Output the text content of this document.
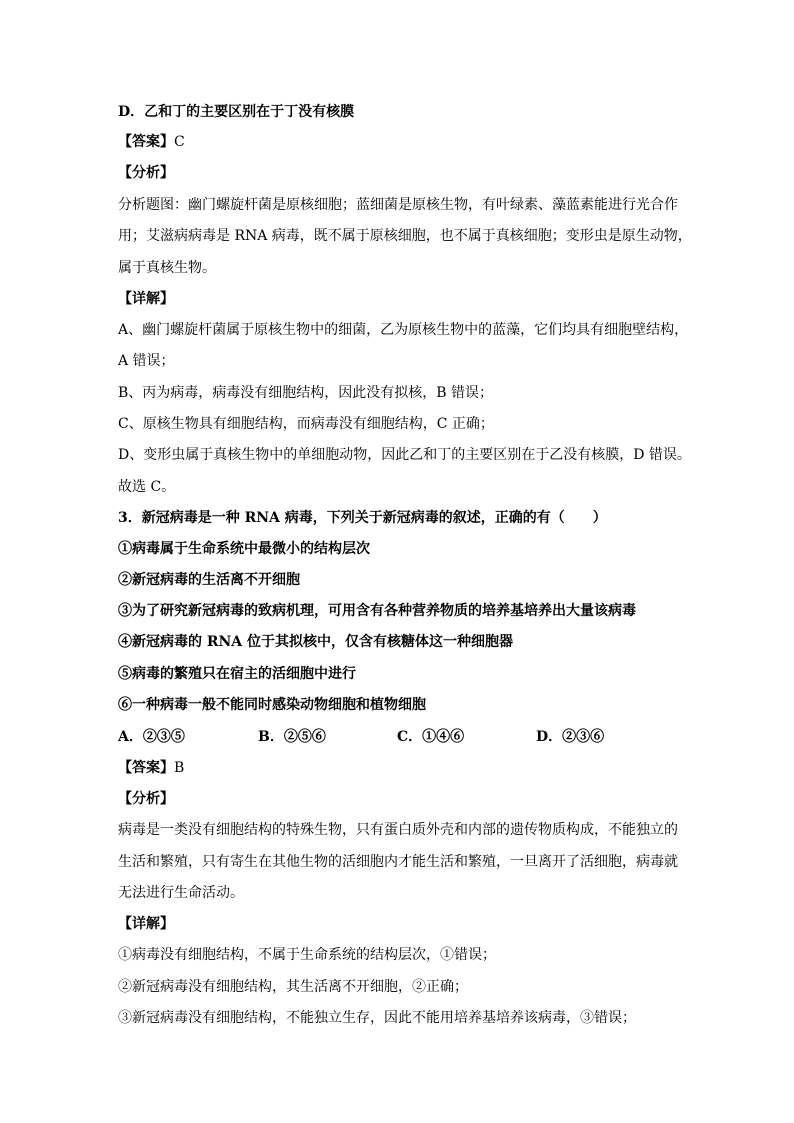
D．乙和丁的主要区别在于丁没有核膜
【答案】C
【分析】
分析题图：幽门螺旋杆菌是原核细胞；蓝细菌是原核生物，有叶绿素、藻蓝素能进行光合作
用；艾滋病病毒是 RNA 病毒，既不属于原核细胞，也不属于真核细胞；变形虫是原生动物，
属于真核生物。
【详解】
A、幽门螺旋杆菌属于原核生物中的细菌，乙为原核生物中的蓝藻，它们均具有细胞壁结构，
A 错误；
B、丙为病毒，病毒没有细胞结构，因此没有拟核，B 错误；
C、原核生物具有细胞结构，而病毒没有细胞结构，C 正确；
D、变形虫属于真核生物中的单细胞动物，因此乙和丁的主要区别在于乙没有核膜，D 错误。
故选 C。
3．新冠病毒是一种 RNA 病毒，下列关于新冠病毒的叙述，正确的有（　　）
①病毒属于生命系统中最微小的结构层次
②新冠病毒的生活离不开细胞
③为了研究新冠病毒的致病机理，可用含有各种营养物质的培养基培养出大量该病毒
④新冠病毒的 RNA 位于其拟核中，仅含有核糖体这一种细胞器
⑤病毒的繁殖只在宿主的活细胞中进行
⑥一种病毒一般不能同时感染动物细胞和植物细胞
A．②③⑤	B．②⑤⑥	C．①④⑥	D．②③⑥
【答案】B
【分析】
病毒是一类没有细胞结构的特殊生物，只有蛋白质外壳和内部的遗传物质构成，不能独立的
生活和繁殖，只有寄生在其他生物的活细胞内才能生活和繁殖，一旦离开了活细胞，病毒就
无法进行生命活动。
【详解】
①病毒没有细胞结构，不属于生命系统的结构层次，①错误；
②新冠病毒没有细胞结构，其生活离不开细胞，②正确；
③新冠病毒没有细胞结构，不能独立生存，因此不能用培养基培养该病毒，③错误；
